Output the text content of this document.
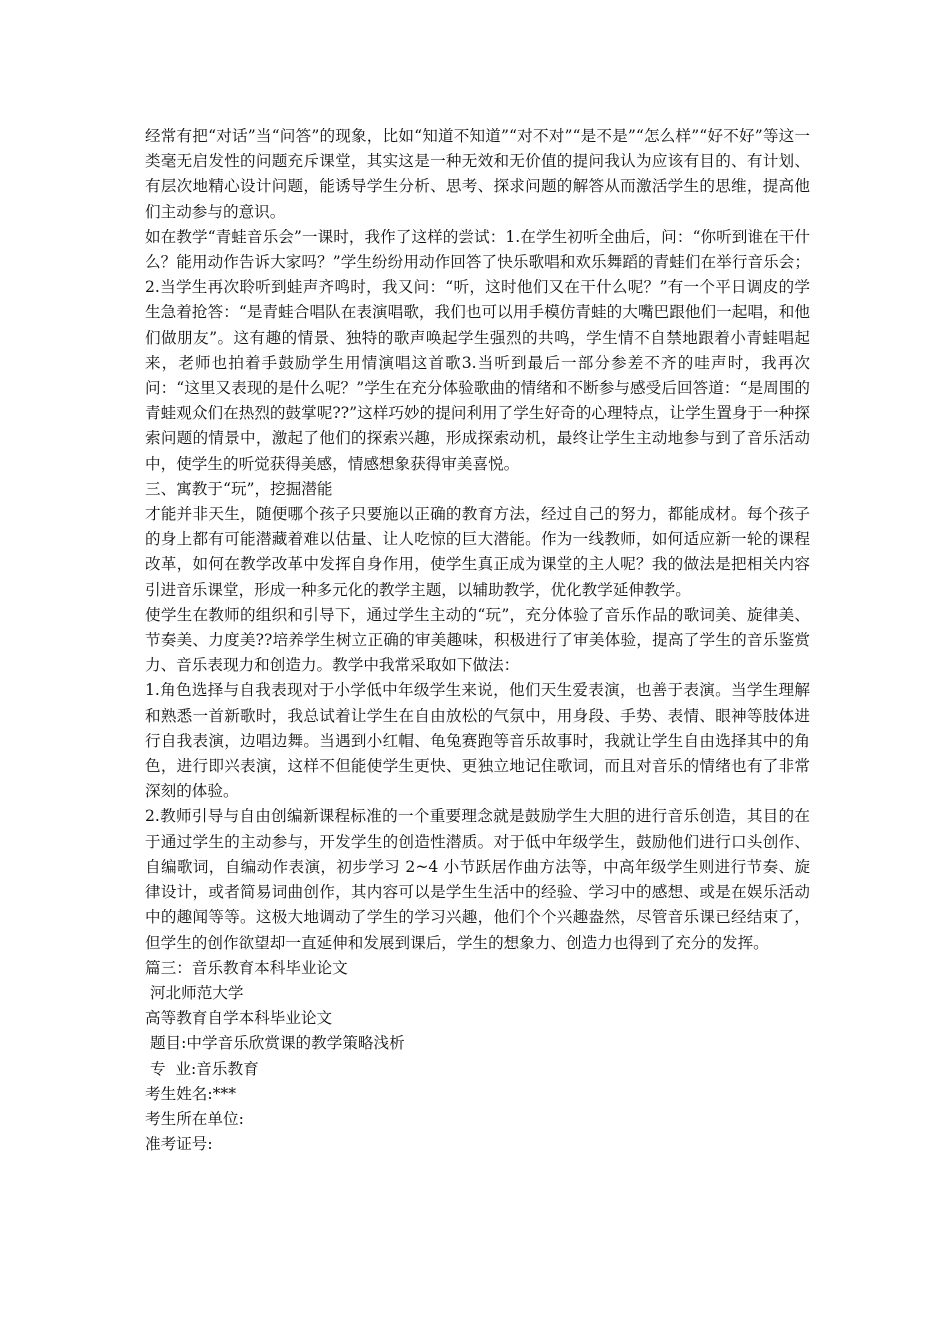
经常有把“对话”当“问答”的现象，比如“知道不知道”“对不对”“是不是”“怎么样”“好不好”等这一类毫无启发性的问题充斥课堂，其实这是一种无效和无价值的提问我认为应该有目的、有计划、有层次地精心设计问题，能诱导学生分析、思考、探求问题的解答从而激活学生的思维，提高他们主动参与的意识。

如在教学“青蛙音乐会”一课时，我作了这样的尝试：1.在学生初听全曲后，问：“你听到谁在干什么？能用动作告诉大家吗？”学生纷纷用动作回答了快乐歌唱和欢乐舞蹈的青蛙们在举行音乐会；2.当学生再次聆听到蛙声齐鸣时，我又问：“听，这时他们又在干什么呢？”有一个平日调皮的学生急着抢答：“是青蛙合唱队在表演唱歌，我们也可以用手模仿青蛙的大嘴巴跟他们一起唱，和他们做朋友”。这有趣的情景、独特的歌声唤起学生强烈的共鸣，学生情不自禁地跟着小青蛙唱起来，老师也拍着手鼓励学生用情演唱这首歌3.当听到最后一部分参差不齐的哇声时，我再次问：“这里又表现的是什么呢？”学生在充分体验歌曲的情绪和不断参与感受后回答道：“是周围的青蛙观众们在热烈的鼓掌呢??”这样巧妙的提问利用了学生好奇的心理特点，让学生置身于一种探索问题的情景中，激起了他们的探索兴趣，形成探索动机，最终让学生主动地参与到了音乐活动中，使学生的听觉获得美感，情感想象获得审美喜悦。

三、寓教于“玩”，挖掘潜能

才能并非天生，随便哪个孩子只要施以正确的教育方法，经过自己的努力，都能成材。每个孩子的身上都有可能潜藏着难以估量、让人吃惊的巨大潜能。作为一线教师，如何适应新一轮的课程改革，如何在教学改革中发挥自身作用，使学生真正成为课堂的主人呢？我的做法是把相关内容引进音乐课堂，形成一种多元化的教学主题，以辅助教学，优化教学延伸教学。

使学生在教师的组织和引导下，通过学生主动的“玩”，充分体验了音乐作品的歌词美、旋律美、节奏美、力度美??培养学生树立正确的审美趣味，积极进行了审美体验，提高了学生的音乐鉴赏力、音乐表现力和创造力。教学中我常采取如下做法：

1.角色选择与自我表现对于小学低中年级学生来说，他们天生爱表演，也善于表演。当学生理解和熟悉一首新歌时，我总试着让学生在自由放松的气氛中，用身段、手势、表情、眼神等肢体进行自我表演，边唱边舞。当遇到小红帽、龟兔赛跑等音乐故事时，我就让学生自由选择其中的角色，进行即兴表演，这样不但能使学生更快、更独立地记住歌词，而且对音乐的情绪也有了非常深刻的体验。

2.教师引导与自由创编新课程标准的一个重要理念就是鼓励学生大胆的进行音乐创造，其目的在于通过学生的主动参与，开发学生的创造性潜质。对于低中年级学生，鼓励他们进行口头创作、自编歌词，自编动作表演，初步学习 2~4 小节跃居作曲方法等，中高年级学生则进行节奏、旋律设计，或者简易词曲创作，其内容可以是学生生活中的经验、学习中的感想、或是在娱乐活动中的趣闻等等。这极大地调动了学生的学习兴趣，他们个个兴趣盎然，尽管音乐课已经结束了，但学生的创作欲望却一直延伸和发展到课后，学生的想象力、创造力也得到了充分的发挥。

篇三：音乐教育本科毕业论文

河北师范大学

高等教育自学本科毕业论文

题目:中学音乐欣赏课的教学策略浅析

专  业:音乐教育

考生姓名:***

考生所在单位:

准考证号:
